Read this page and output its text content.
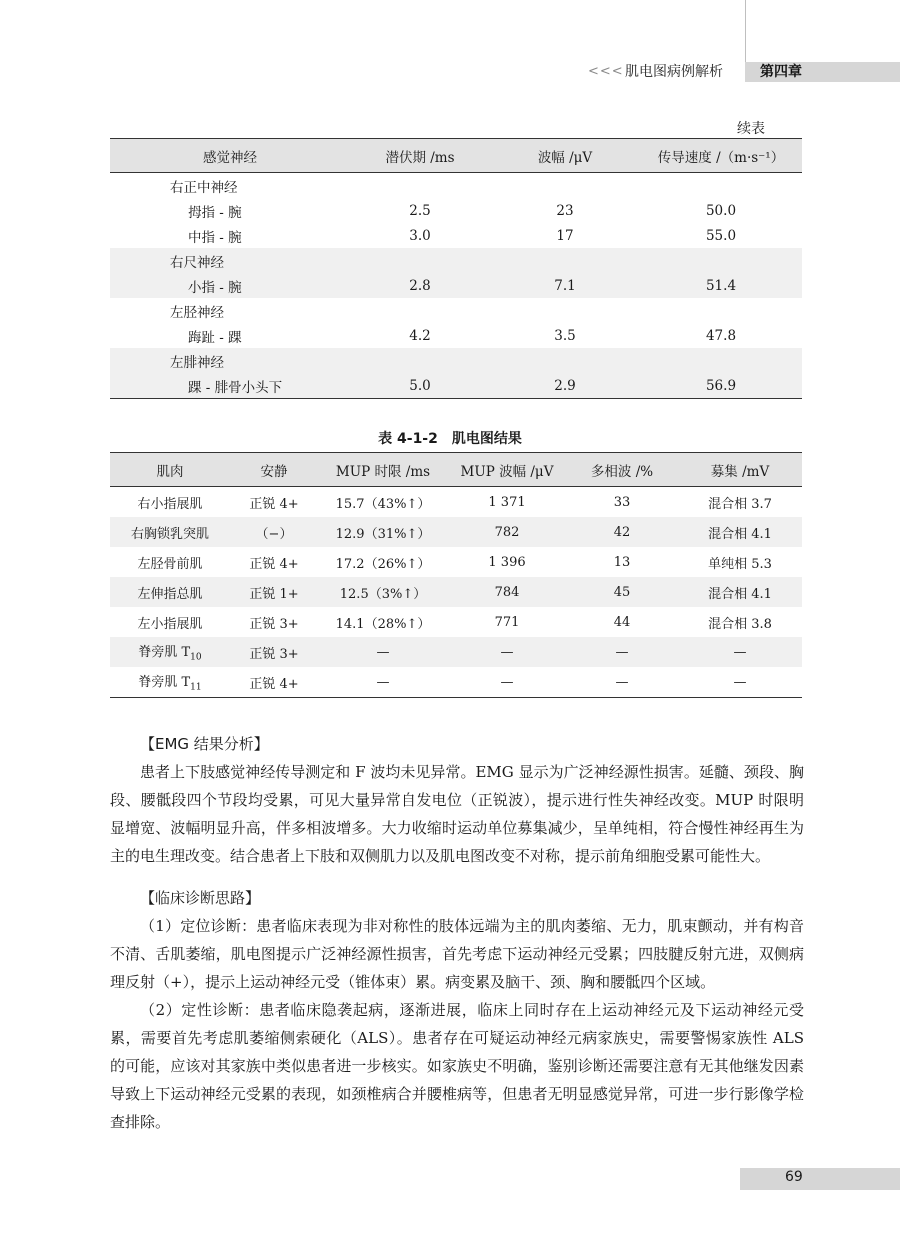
<<< 肌电图病例解析	第四章
续表
感觉神经	潜伏期 /ms	波幅 /μV	传导速度 /（m·s⁻¹）
右正中神经			
拇指 - 腕	2.5	23	50.0
中指 - 腕	3.0	17	55.0
右尺神经			
小指 - 腕	2.8	7.1	51.4
左胫神经			
踇趾 - 踝	4.2	3.5	47.8
左腓神经			
踝 - 腓骨小头下	5.0	2.9	56.9
表 4-1-2　肌电图结果
肌肉	安静	MUP 时限 /ms	MUP 波幅 /μV	多相波 /%	募集 /mV
右小指展肌	正锐 4+	15.7（43%↑）	1 371	33	混合相 3.7
右胸锁乳突肌	（−）	12.9（31%↑）	782	42	混合相 4.1
左胫骨前肌	正锐 4+	17.2（26%↑）	1 396	13	单纯相 5.3
左伸指总肌	正锐 1+	12.5（3%↑）	784	45	混合相 4.1
左小指展肌	正锐 3+	14.1（28%↑）	771	44	混合相 3.8
脊旁肌 $T_{10}$	正锐 3+	—	—	—	—
脊旁肌 $T_{11}$	正锐 4+	—	—	—	—
【EMG 结果分析】

患者上下肢感觉神经传导测定和 F 波均未见异常。EMG 显示为广泛神经源性损害。延髓、颈段、胸段、腰骶段四个节段均受累，可见大量异常自发电位（正锐波），提示进行性失神经改变。MUP 时限明显增宽、波幅明显升高，伴多相波增多。大力收缩时运动单位募集减少，呈单纯相，符合慢性神经再生为主的电生理改变。结合患者上下肢和双侧肌力以及肌电图改变不对称，提示前角细胞受累可能性大。

【临床诊断思路】

（1）定位诊断：患者临床表现为非对称性的肢体远端为主的肌肉萎缩、无力，肌束颤动，并有构音不清、舌肌萎缩，肌电图提示广泛神经源性损害，首先考虑下运动神经元受累；四肢腱反射亢进，双侧病理反射（+），提示上运动神经元受（锥体束）累。病变累及脑干、颈、胸和腰骶四个区域。

（2）定性诊断：患者临床隐袭起病，逐渐进展，临床上同时存在上运动神经元及下运动神经元受累，需要首先考虑肌萎缩侧索硬化（ALS）。患者存在可疑运动神经元病家族史，需要警惕家族性 ALS 的可能，应该对其家族中类似患者进一步核实。如家族史不明确，鉴别诊断还需要注意有无其他继发因素导致上下运动神经元受累的表现，如颈椎病合并腰椎病等，但患者无明显感觉异常，可进一步行影像学检查排除。

69
